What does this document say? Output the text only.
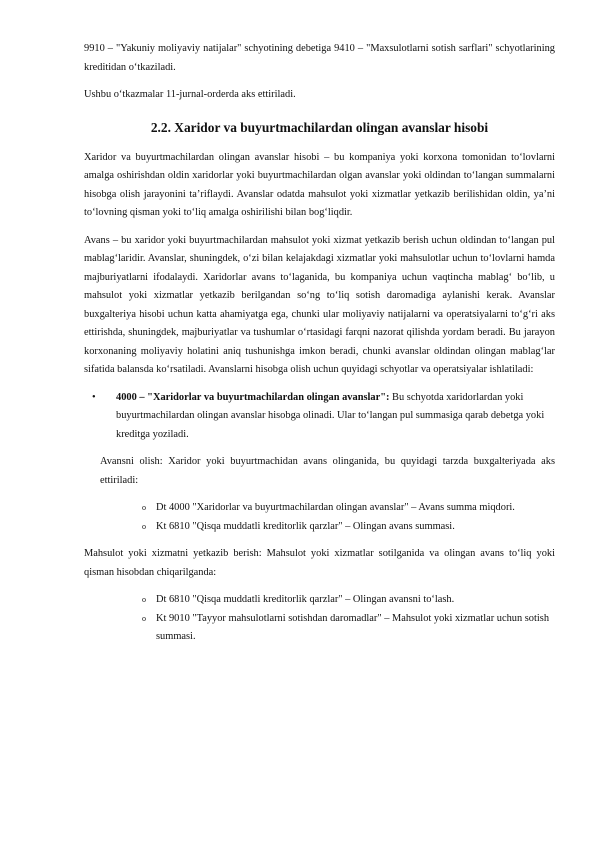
9910 – "Yakuniy moliyaviy natijalar" schyotining debetiga 9410 – "Maxsulotlarni sotish sarflari" schyotlarining kreditidan o‘tkaziladi.

Ushbu o‘tkazmalar 11-jurnal-orderda aks ettiriladi.

2.2. Xaridor va buyurtmachilardan olingan avanslar hisobi

Xaridor va buyurtmachilardan olingan avanslar hisobi – bu kompaniya yoki korxona tomonidan to‘lovlarni amalga oshirishdan oldin xaridorlar yoki buyurtmachilardan olgan avanslar yoki oldindan to‘langan summalarni hisobga olish jarayonini ta’riflaydi. Avanslar odatda mahsulot yoki xizmatlar yetkazib berilishidan oldin, ya’ni to‘lovning qisman yoki to‘liq amalga oshirilishi bilan bog‘liqdir.

Avans – bu xaridor yoki buyurtmachilardan mahsulot yoki xizmat yetkazib berish uchun oldindan to‘langan pul mablag‘laridir. Avanslar, shuningdek, o‘zi bilan kelajakdagi xizmatlar yoki mahsulotlar uchun to‘lovlarni hamda majburiyatlarni ifodalaydi. Xaridorlar avans to‘laganida, bu kompaniya uchun vaqtincha mablag‘ bo‘lib, u mahsulot yoki xizmatlar yetkazib berilgandan so‘ng to‘liq sotish daromadiga aylanishi kerak. Avanslar buxgalteriya hisobi uchun katta ahamiyatga ega, chunki ular moliyaviy natijalarni va operatsiyalarni to‘g‘ri aks ettirishda, shuningdek, majburiyatlar va tushumlar o‘rtasidagi farqni nazorat qilishda yordam beradi. Bu jarayon korxonaning moliyaviy holatini aniq tushunishga imkon beradi, chunki avanslar oldindan olingan mablag‘lar sifatida balansda ko‘rsatiladi. Avanslarni hisobga olish uchun quyidagi schyotlar va operatsiyalar ishlatiladi:

• 4000 – "Xaridorlar va buyurtmachilardan olingan avanslar": Bu schyotda xaridorlardan yoki buyurtmachilardan olingan avanslar hisobga olinadi. Ular to‘langan pul summasiga qarab debetga yoki kreditga yoziladi.

Avansni olish: Xaridor yoki buyurtmachidan avans olinganida, bu quyidagi tarzda buxgalteriyada aks ettiriladi:

o Dt 4000 "Xaridorlar va buyurtmachilardan olingan avanslar" – Avans summa miqdori.
o Kt 6810 "Qisqa muddatli kreditorlik qarzlar" – Olingan avans summasi.

Mahsulot yoki xizmatni yetkazib berish: Mahsulot yoki xizmatlar sotilganida va olingan avans to‘liq yoki qisman hisobdan chiqarilganda:

o Dt 6810 "Qisqa muddatli kreditorlik qarzlar" – Olingan avansni to‘lash.
o Kt 9010 "Tayyor mahsulotlarni sotishdan daromadlar" – Mahsulot yoki xizmatlar uchun sotish summasi.
